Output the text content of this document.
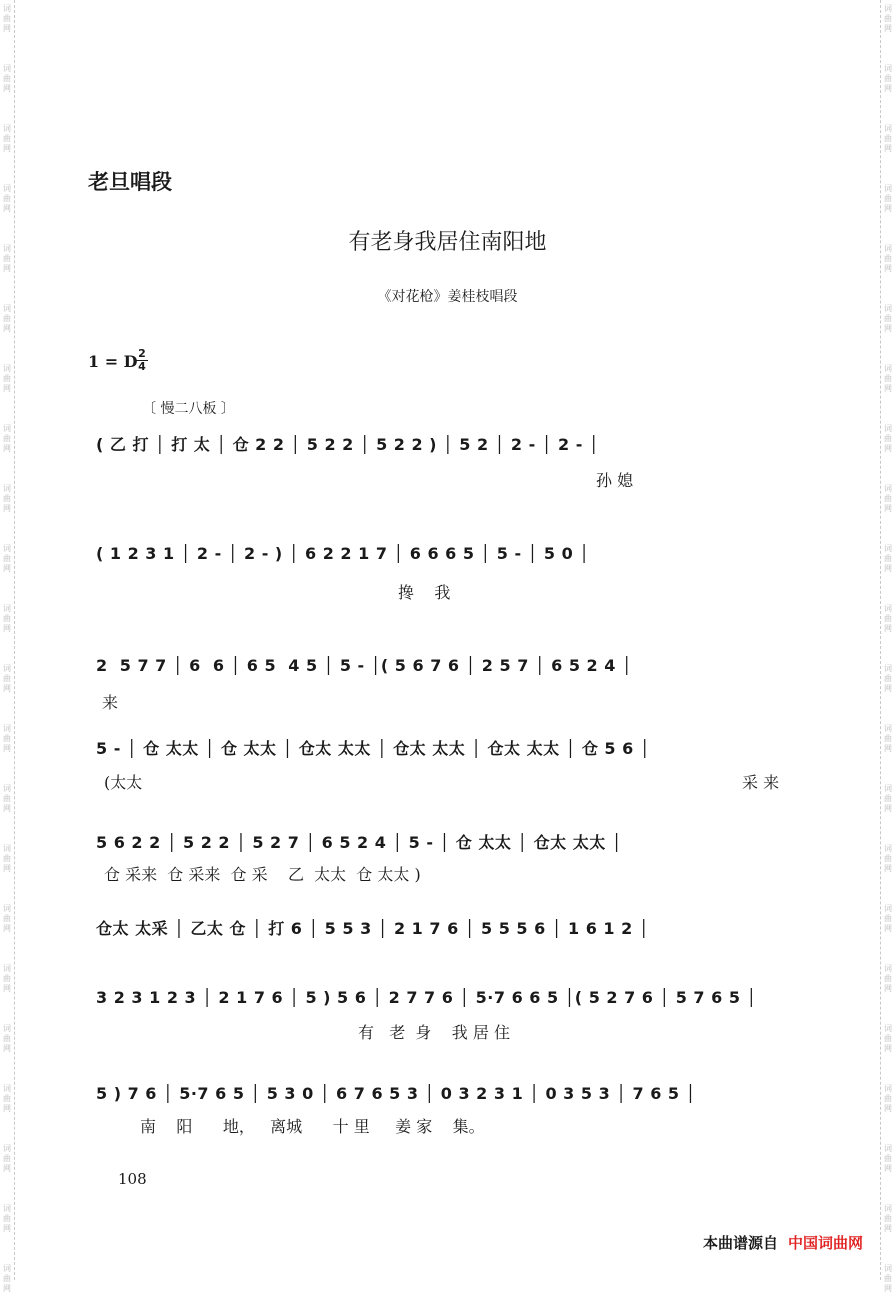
词
曲
网
词
曲
网
词
曲
网
词
曲
网
词
曲
网
词
曲
网
词
曲
网
词
曲
网
词
曲
网
词
曲
网
词
曲
网
词
曲
网
词
曲
网
词
曲
网
词
曲
网
词
曲
网
词
曲
网
词
曲
网
词
曲
网
词
曲
网
词
曲
网
词
曲
网
词
曲
网
词
曲
网
词
曲
网
词
曲
网
词
曲
网
词
曲
网
词
曲
网
词
曲
网
词
曲
网
词
曲
网
词
曲
网
词
曲
网
词
曲
网
词
曲
网
词
曲
网
词
曲
网
词
曲
网
词
曲
网
词
曲
网
词
曲
网
词
曲
网
词
曲
网
老旦唱段
有老身我居住南阳地
《对花枪》姜桂枝唱段
1 = D 2
4
〔 慢二八板 〕
( 乙 打 │ 打 太 │ 仓 2 2 │ 5 2 2 │ 5 2 2 ) │ 5 2 │ 2 - │ 2 - │
孙 媳
( 1 2 3 1 │ 2 - │ 2 - ) │ 6 2 2 1 7 │ 6 6 6 5 │ 5 - │ 5 0 │
搀    我
2  5 7 7 │ 6  6 │ 6 5  4 5 │ 5 - │( 5 6 7 6 │ 2 5 7 │ 6 5 2 4 │
来
5 - │ 仓 太太 │ 仓 太太 │ 仓太 太太 │ 仓太 太太 │ 仓太 太太 │ 仓 5 6 │
(太太	采 来
5 6 2 2 │ 5 2 2 │ 5 2 7 │ 6 5 2 4 │ 5 - │ 仓 太太 │ 仓太 太太 │
仓 采来  仓 采来  仓 采    乙  太太  仓 太太 )
仓太 太采 │ 乙太 仓 │ 打 6 │ 5 5 3 │ 2 1 7 6 │ 5 5 5 6 │ 1 6 1 2 │
3 2 3 1 2 3 │ 2 1 7 6 │ 5 ) 5 6 │ 2 7 7 6 │ 5·7 6 6 5 │( 5 2 7 6 │ 5 7 6 5 │
有   老  身    我 居 住
5 ) 7 6 │ 5·7 6 5 │ 5 3 0 │ 6 7 6 5 3 │ 0 3 2 3 1 │ 0 3 5 3 │ 7 6 5 │
南    阳      地，   离城      十 里     姜 家    集。
108
本曲谱源自 中国词曲网
